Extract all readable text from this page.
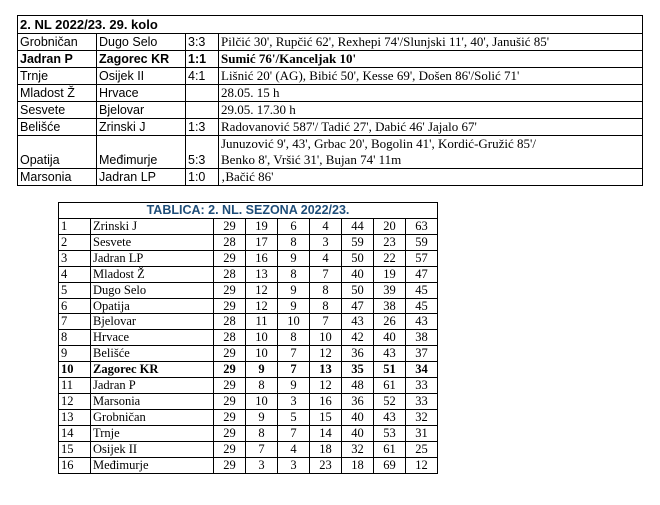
2. NL 2022/23. 29. kolo			
Grobničan	Dugo Selo	3:3	Pilčić 30', Rupčić 62', Rexhepi 74'/Slunjski 11', 40', Janušić 85'
Jadran P	Zagorec KR	1:1	Sumić 76'/Kanceljak 10'
Trnje	Osijek II	4:1	Lišnić 20' (AG), Bibić 50', Kesse 69', Došen 86'/Solić 71'
Mladost Ž	Hrvace		28.05. 15 h
Sesvete	Bjelovar		29.05. 17.30 h
Belišće	Zrinski J	1:3	Radovanović 587'/ Tadić 27', Dabić 46' Jajalo 67'
Opatija	Međimurje	5:3	Junuzović 9', 43', Grbac 20', Bogolin 41', Kordić-Gružić 85'/
Benko 8', Vršić 31', Bujan 74' 11m

Marsonia	Jadran LP	1:0	‚Bačić 86'
TABLICA: 2. NL. SEZONA 2022/23.								
1	Zrinski J	29	19	6	4	44	20	63
2	Sesvete	28	17	8	3	59	23	59
3	Jadran LP	29	16	9	4	50	22	57
4	Mladost Ž	28	13	8	7	40	19	47
5	Dugo Selo	29	12	9	8	50	39	45
6	Opatija	29	12	9	8	47	38	45
7	Bjelovar	28	11	10	7	43	26	43
8	Hrvace	28	10	8	10	42	40	38
9	Belišće	29	10	7	12	36	43	37
10	Zagorec KR	29	9	7	13	35	51	34
11	Jadran P	29	8	9	12	48	61	33
12	Marsonia	29	10	3	16	36	52	33
13	Grobničan	29	9	5	15	40	43	32
14	Trnje	29	8	7	14	40	53	31
15	Osijek II	29	7	4	18	32	61	25
16	Međimurje	29	3	3	23	18	69	12
